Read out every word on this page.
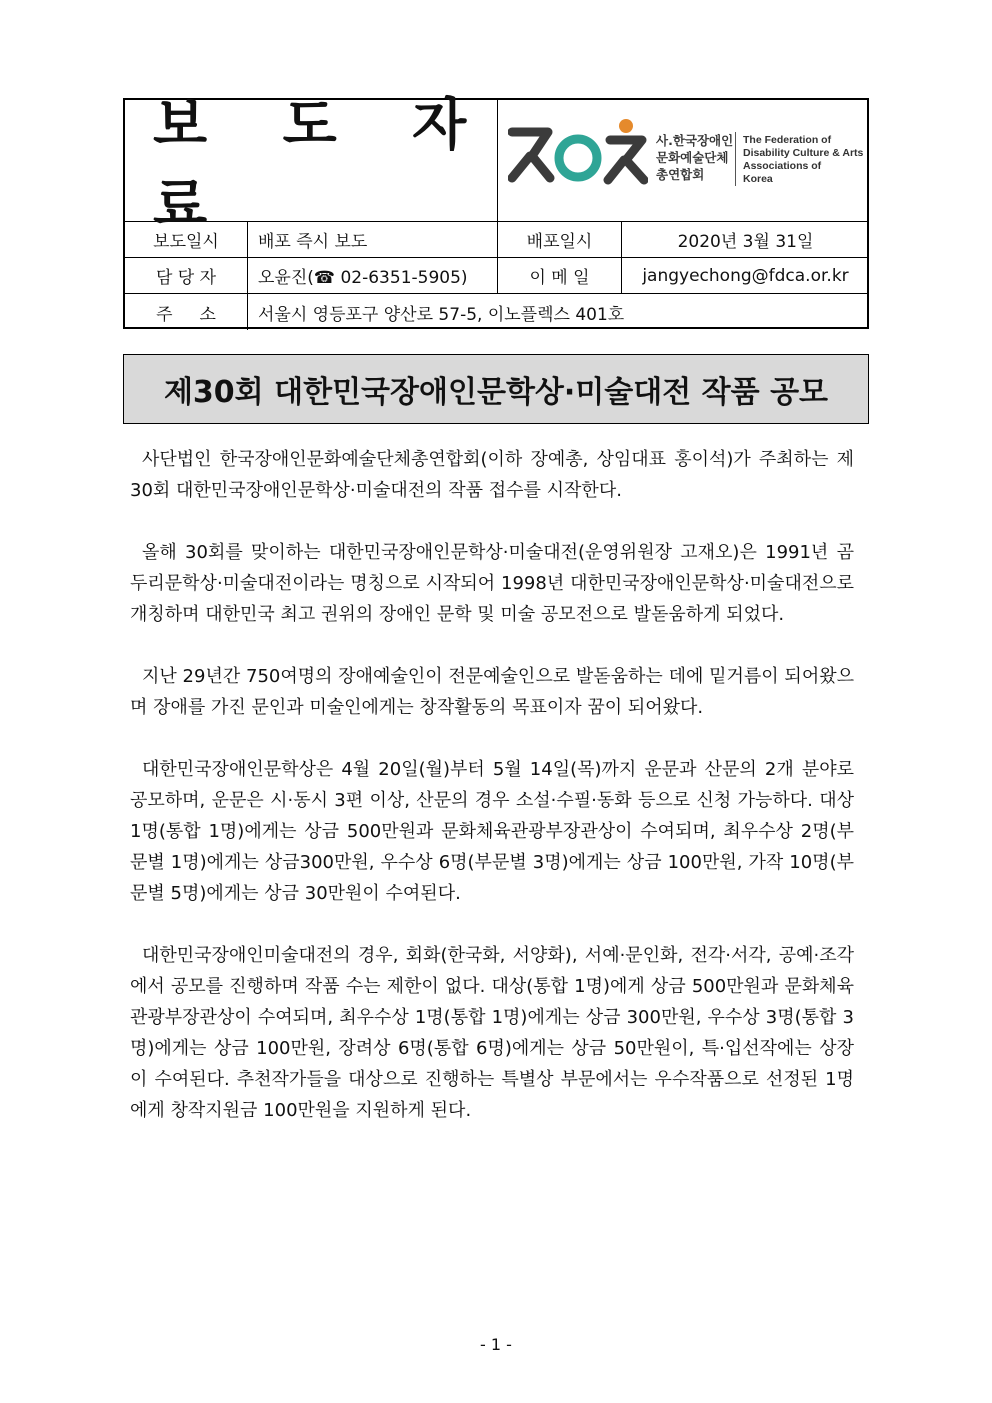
보 도 자 료
사.한국장애인
문화예술단체
총연합회
The Federation of
Disability Culture & Arts
Associations of
Korea
보도일시	배포 즉시 보도	배포일시	2020년 3월 31일
담 당 자	오윤진(☎ 02-6351-5905)	이 메 일	jangyechong@fdca.or.kr
주     소	서울시 영등포구 양산로 57-5, 이노플렉스 401호
제30회 대한민국장애인문학상·미술대전 작품 공모

사단법인 한국장애인문화예술단체총연합회(이하 장예총, 상임대표 홍이석)가 주최하는 제30회 대한민국장애인문학상·미술대전의 작품 접수를 시작한다.

올해 30회를 맞이하는 대한민국장애인문학상·미술대전(운영위원장 고재오)은 1991년 곰두리문학상·미술대전이라는 명칭으로 시작되어 1998년 대한민국장애인문학상·미술대전으로 개칭하며 대한민국 최고 권위의 장애인 문학 및 미술 공모전으로 발돋움하게 되었다.

지난 29년간 750여명의 장애예술인이 전문예술인으로 발돋움하는 데에 밑거름이 되어왔으며 장애를 가진 문인과 미술인에게는 창작활동의 목표이자 꿈이 되어왔다.

대한민국장애인문학상은 4월 20일(월)부터 5월 14일(목)까지 운문과 산문의 2개 분야로 공모하며, 운문은 시·동시 3편 이상, 산문의 경우 소설·수필·동화 등으로 신청 가능하다. 대상1명(통합 1명)에게는 상금 500만원과 문화체육관광부장관상이 수여되며, 최우수상 2명(부문별 1명)에게는 상금300만원, 우수상 6명(부문별 3명)에게는 상금 100만원, 가작 10명(부문별 5명)에게는 상금 30만원이 수여된다.

대한민국장애인미술대전의 경우, 회화(한국화, 서양화), 서예·문인화, 전각·서각, 공예·조각에서 공모를 진행하며 작품 수는 제한이 없다. 대상(통합 1명)에게 상금 500만원과 문화체육관광부장관상이 수여되며, 최우수상 1명(통합 1명)에게는 상금 300만원, 우수상 3명(통합 3명)에게는 상금 100만원, 장려상 6명(통합 6명)에게는 상금 50만원이, 특·입선작에는 상장이 수여된다. 추천작가들을 대상으로 진행하는 특별상 부문에서는 우수작품으로 선정된 1명에게 창작지원금 100만원을 지원하게 된다.

- 1 -
